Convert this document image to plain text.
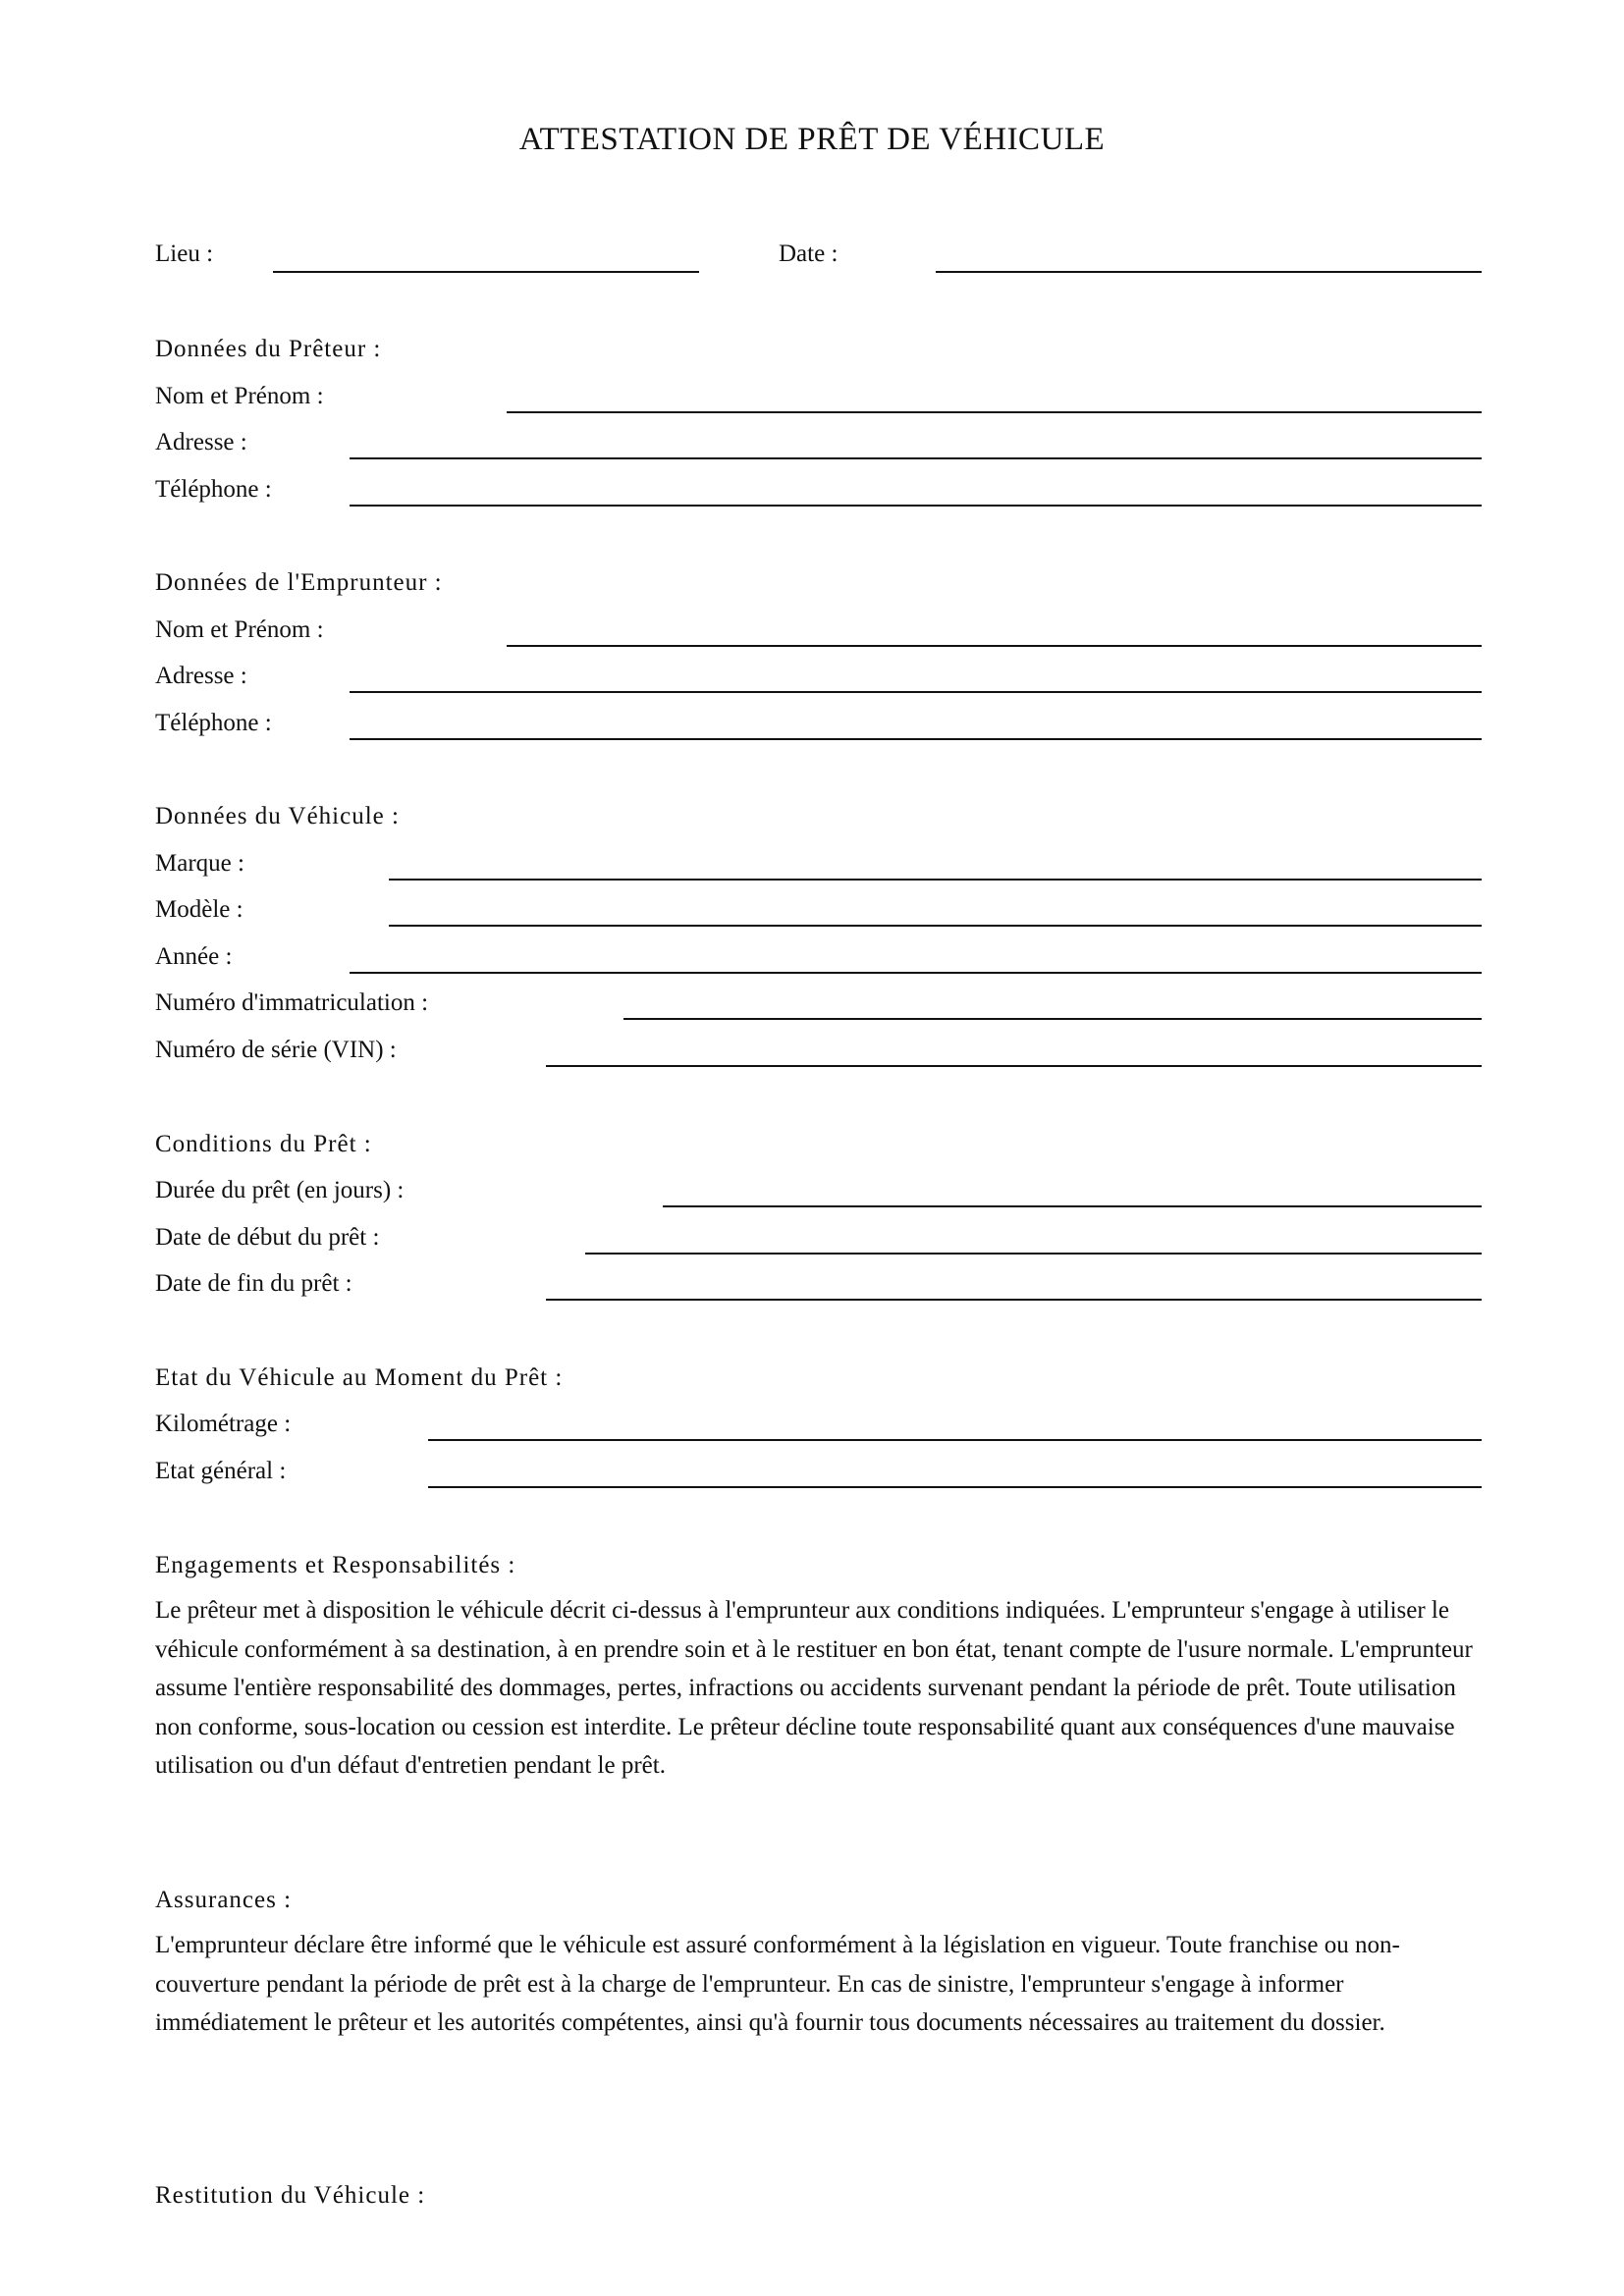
ATTESTATION DE PRÊT DE VÉHICULE
Lieu :	Date :
Données du Prêteur :
Nom et Prénom :
Adresse :
Téléphone :
Données de l'Emprunteur :
Nom et Prénom :
Adresse :
Téléphone :
Données du Véhicule :
Marque :
Modèle :
Année :
Numéro d'immatriculation :
Numéro de série (VIN) :
Conditions du Prêt :
Durée du prêt (en jours) :
Date de début du prêt :
Date de fin du prêt :
Etat du Véhicule au Moment du Prêt :
Kilométrage :
Etat général :
Engagements et Responsabilités :

Le prêteur met à disposition le véhicule décrit ci-dessus à l'emprunteur aux conditions indiquées. L'emprunteur s'engage à utiliser le véhicule conformément à sa destination, à en prendre soin et à le restituer en bon état, tenant compte de l'usure normale. L'emprunteur assume l'entière responsabilité des dommages, pertes, infractions ou accidents survenant pendant la période de prêt. Toute utilisation non conforme, sous-location ou cession est interdite. Le prêteur décline toute responsabilité quant aux conséquences d'une mauvaise utilisation ou d'un défaut d'entretien pendant le prêt.

Assurances :

L'emprunteur déclare être informé que le véhicule est assuré conformément à la législation en vigueur. Toute franchise ou non-couverture pendant la période de prêt est à la charge de l'emprunteur. En cas de sinistre, l'emprunteur s'engage à informer immédiatement le prêteur et les autorités compétentes, ainsi qu'à fournir tous documents nécessaires au traitement du dossier.

Restitution du Véhicule :
